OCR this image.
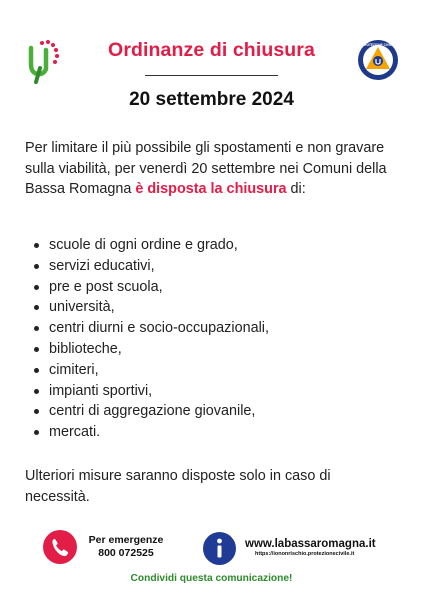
Ordinanze di chiusura	PROTEZIONE CIVILE
20 settembre 2024
Per limitare il più possibile gli spostamenti e non gravare sulla viabilità, per venerdì 20 settembre nei Comuni della Bassa Romagna è disposta la chiusura di:
scuole di ogni ordine e grado,
servizi educativi,
pre e post scuola,
università,
centri diurni e socio-occupazionali,
biblioteche,
cimiteri,
impianti sportivi,
centri di aggregazione giovanile,
mercati.
Ulteriori misure saranno disposte solo in caso di necessità.
Per emergenze
800 072525
www.labassaromagna.it
https://iononrischio.protezionecivile.it
Condividi questa comunicazione!
